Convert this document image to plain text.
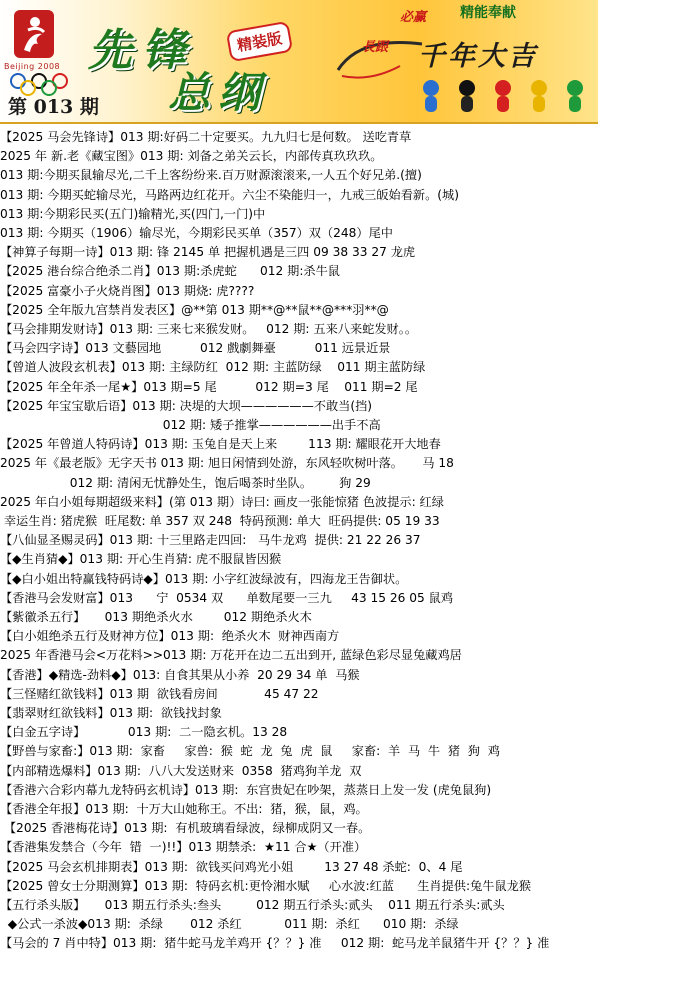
Beijing 2008 先锋	精装版
总纲
第 013 期
必赢 精能奉献
長跟 千年大吉
【2025 马会先锋诗】013 期:好码二十定要买。九九归七是何数。 送吃青草
2025 年 新.老《藏宝图》013 期: 刘备之弟关云长，内部传真玖玖玖。
013 期:今期买鼠输尽光,二千上客纷纷来.百万财源滚滚来,一人五个好兄弟.(擅)
013 期: 今期买蛇输尽光，马路两边红花开。六尘不染能归一，九戒三皈始看新。(城)
013 期:今期彩民买(五门)输精光,买(四门,一门)中
013 期: 今期买（1906）输尽光，今期彩民买单（357）双（248）尾中
【神算子每期一诗】013 期: 锋 2145 单 把握机遇是三四 09 38 33 27 龙虎
【2025 港台综合绝杀二肖】013 期:杀虎蛇      012 期:杀牛鼠
【2025 富豪小子火烧肖图】013 期烧: 虎????
【2025 全年版九宫禁肖发表区】@**第 013 期**@**鼠**@***羽**@
【马会排期发财诗】013 期: 三来七来猴发财。   012 期: 五来八来蛇发财。。
【马会四字诗】013 文藝园地          012 戲劇舞臺          011 远景近景
【曾道人波段玄机表】013 期: 主绿防红  012 期: 主蓝防绿    011 期主蓝防绿
【2025 年全年杀一尾★】013 期=5 尾          012 期=3 尾    011 期=2 尾
【2025 年宝宝歇后语】013 期: 决堤的大坝——————不敢当(挡)
012 期: 矮子推掌——————出手不高
【2025 年曾道人特码诗】013 期: 玉兔自是天上来        113 期: 耀眼花开大地春
2025 年《最老版》无字天书 013 期: 旭日闲情到处游，东风轻吹树叶落。     马 18
012 期: 清闲无忧静处生，饱后喝茶时坐队。       狗 29
2025 年白小姐每期超级来料】(第 013 期）诗曰: 画皮一张能惊猪 色波提示: 红绿
幸运生肖: 猪虎猴  旺尾数: 单 357 双 248  特码预测: 单大  旺码提供: 05 19 33
【八仙显圣赐灵码】013 期: 十三里路走四回:   马牛龙鸡  提供: 21 22 26 37
【◆生肖猜◆】013 期: 开心生肖猜: 虎不服鼠皆因猴
【◆白小姐出特赢钱特码诗◆】013 期: 小字红波绿波有，四海龙王告御状。
【香港马会发财富】013      宁  0534 双      单数尾要一三九     43 15 26 05 鼠鸡
【紫徽杀五行】     013 期绝杀火水        012 期绝杀火木
【白小姐绝杀五行及财神方位】013 期:  绝杀火木  财神西南方
2025 年香港马会<万花料>>013 期: 万花开在边二五出到开, 蓝绿色彩尽显兔藏鸡居
【香港】◆精选-劲料◆】013: 自食其果从小养  20 29 34 单  马猴
【三怪赌红欲钱料】013 期  欲钱看房间            45 47 22
【翡翠财红欲钱料】013 期:  欲钱找封象
【白金五字诗】           013 期:  二一隐玄机。13 28
【野兽与家畜:】013 期:  家畜     家兽:  猴  蛇  龙  兔  虎  鼠     家畜:  羊  马  牛  猪  狗  鸡
【内部精选爆料】013 期:  八八大发送财来  0358  猪鸡狗羊龙  双
【香港六合彩内幕九龙特码玄机诗】013 期:  东宫贵妃在吵架，蒸蒸日上发一发 (虎兔鼠狗)
【香港全年报】013 期:  十万大山她称王。不出:  猪，猴，鼠，鸡。
【2025 香港梅花诗】013 期:  有机玻璃看绿波，绿柳成阴又一春。
【香港集发禁合（今年  错  一)!!】013 期禁杀:  ★11 合★（开准）
【2025 马会玄机排期表】013 期:  欲钱买问鸡光小姐        13 27 48 杀蛇:  0、4 尾
【2025 曾女士分期测算】013 期:  特码玄机:更怜湘水赋     心水波:红蓝      生肖提供:兔牛鼠龙猴
【五行杀头版】     013 期五行杀头:叁头         012 期五行杀头:贰头    011 期五行杀头:贰头
◆公式一杀波◆013 期:  杀绿       012 杀红           011 期:  杀红      010 期:  杀绿
【马会的 7 肖中特】013 期:  猪牛蛇马龙羊鸡开 {？？} 准     012 期:  蛇马龙羊鼠猪牛开 {？？} 准
